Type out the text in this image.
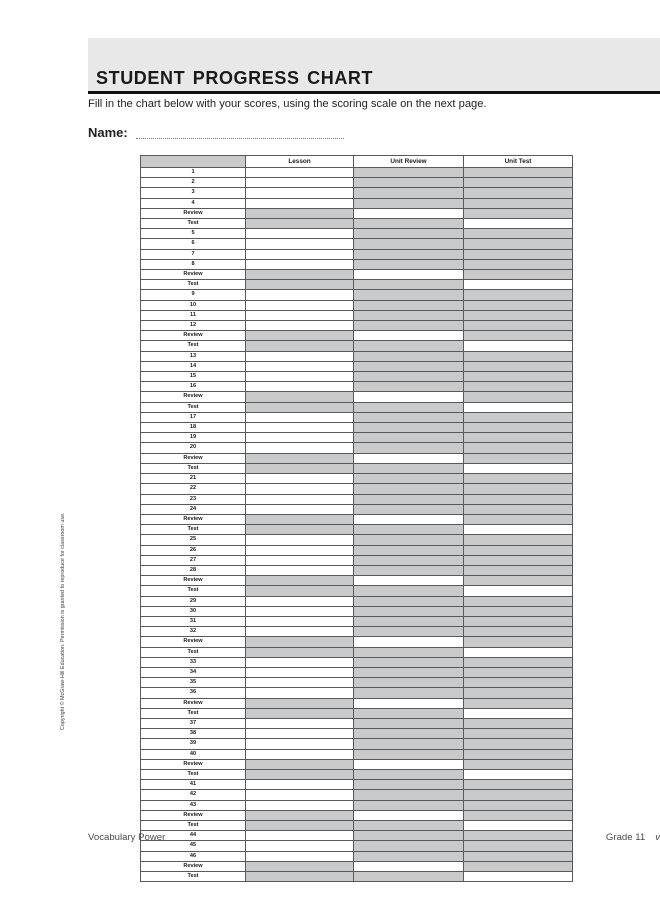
student progress chart
Fill in the chart below with your scores, using the scoring scale on the next page.
Name:
Copyright © McGraw-Hill Education. Permission is granted to reproduce for classroom use.
	Lesson	Unit Review	Unit Test
1			
2			
3			
4			
Review			
Test			
5			
6			
7			
8			
Review			
Test			
9			
10			
11			
12			
Review			
Test			
13			
14			
15			
16			
Review			
Test			
17			
18			
19			
20			
Review			
Test			
21			
22			
23			
24			
Review			
Test			
25			
26			
27			
28			
Review			
Test			
29			
30			
31			
32			
Review			
Test			
33			
34			
35			
36			
Review			
Test			
37			
38			
39			
40			
Review			
Test			
41			
42			
43			
Review			
Test			
44			
45			
46			
Review			
Test			
Vocabulary Power	Grade 11 v
